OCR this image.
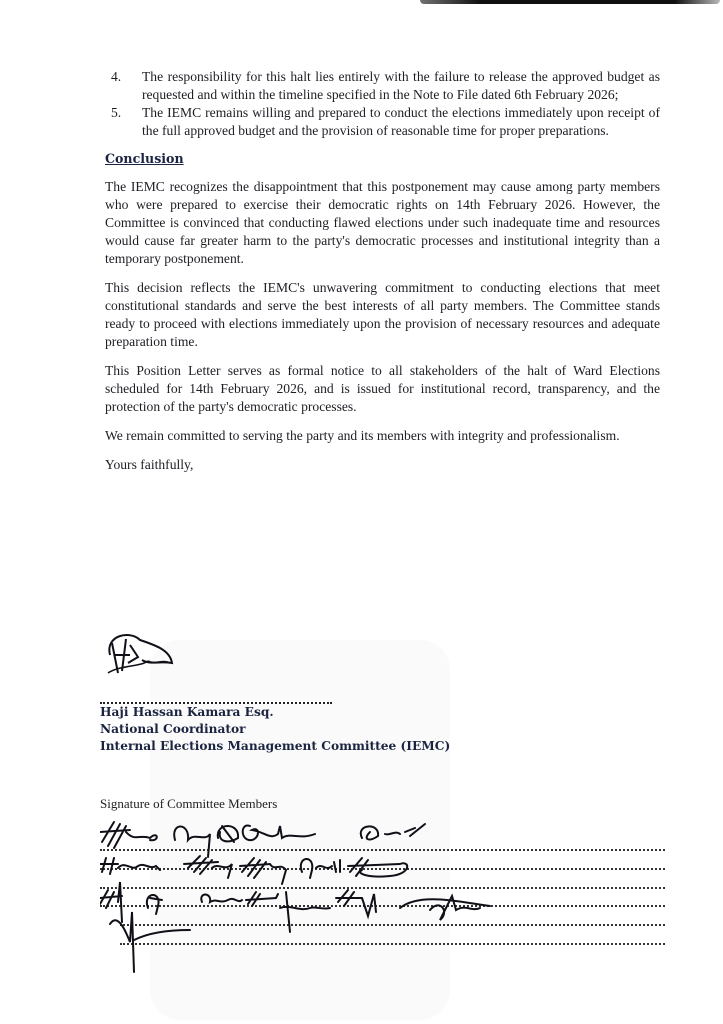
4. The responsibility for this halt lies entirely with the failure to release the approved budget as requested and within the timeline specified in the Note to File dated 6th February 2026;
5. The IEMC remains willing and prepared to conduct the elections immediately upon receipt of the full approved budget and the provision of reasonable time for proper preparations.
Conclusion

The IEMC recognizes the disappointment that this postponement may cause among party members who were prepared to exercise their democratic rights on 14th February 2026. However, the Committee is convinced that conducting flawed elections under such inadequate time and resources would cause far greater harm to the party's democratic processes and institutional integrity than a temporary postponement.

This decision reflects the IEMC's unwavering commitment to conducting elections that meet constitutional standards and serve the best interests of all party members. The Committee stands ready to proceed with elections immediately upon the provision of necessary resources and adequate preparation time.

This Position Letter serves as formal notice to all stakeholders of the halt of Ward Elections scheduled for 14th February 2026, and is issued for institutional record, transparency, and the protection of the party's democratic processes.

We remain committed to serving the party and its members with integrity and professionalism.

Yours faithfully,

Haji Hassan Kamara Esq.
National Coordinator
Internal Elections Management Committee (IEMC)
Signature of Committee Members
